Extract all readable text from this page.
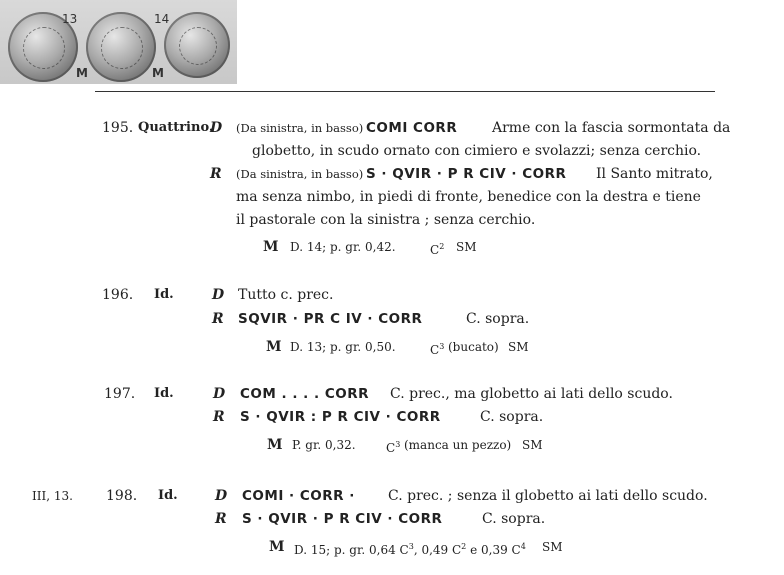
13	14
M	M
195. Quattrino.
D (Da sinistra, in basso) COMI CORR Arme con la fascia sormontata da
globetto, in scudo ornato con cimiero e svolazzi; senza cerchio.
R (Da sinistra, in basso) S · QVIR · P R CIV · CORR Il Santo mitrato,
ma senza nimbo, in piedi di fronte, benedice con la destra e tiene
il pastorale con la sinistra ; senza cerchio.
M D. 14; p. gr. 0,42.	$C^2$ SM
196. Id.	D Tutto c. prec.
R SQVIR · PR C IV · CORR	C. sopra.
M D. 13; p. gr. 0,50.	$C^3$ (bucato) SM
197. Id.	D COM . . . . CORR C. prec., ma globetto ai lati dello scudo.
R S · QVIR : P R CIV · CORR	C. sopra.
M P. gr. 0,32.	$C^3$ (manca un pezzo) SM
III, 13. 198. Id.	D COMI · CORR · C. prec. ; senza il globetto ai lati dello scudo.
R S · QVIR · P R CIV · CORR	C. sopra.
M D. 15; p. gr. 0,64 $C^3$, 0,49 $C^2$ e 0,39 $C^4$ SM
